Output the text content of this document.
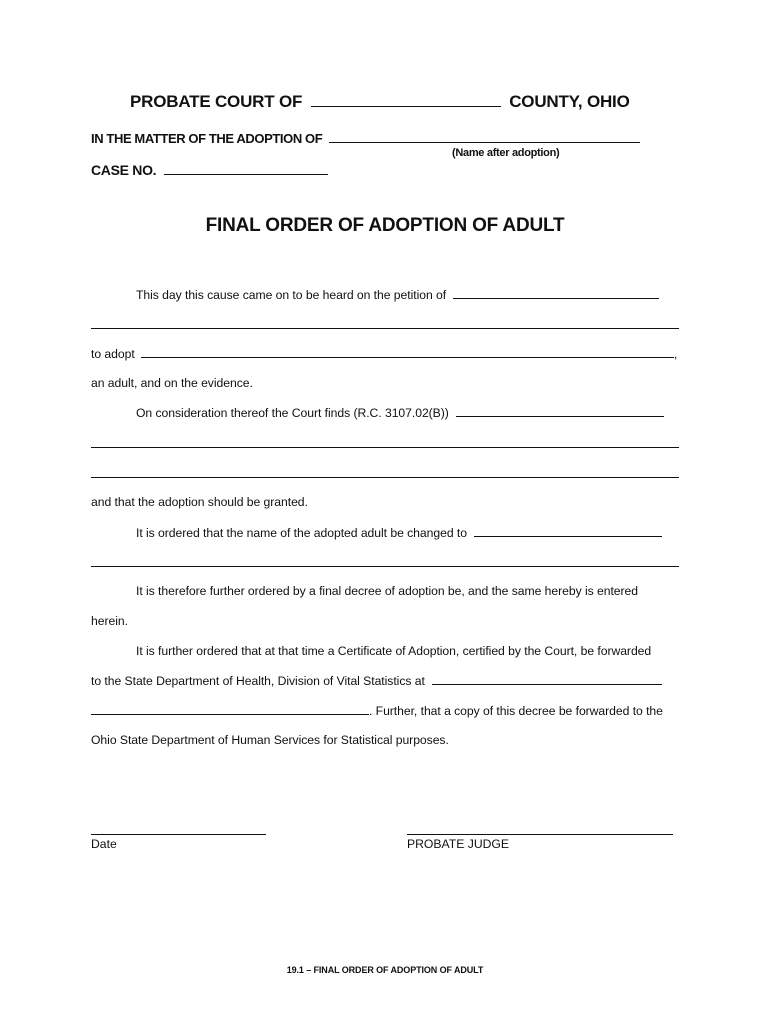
PROBATE COURT OF	COUNTY, OHIO
IN THE MATTER OF THE ADOPTION OF
(Name after adoption)
CASE NO.
FINAL ORDER OF ADOPTION OF ADULT
This day this cause came on to be heard on the petition of
to adopt	,
an adult, and on the evidence.
On consideration thereof the Court finds (R.C. 3107.02(B))
and that the adoption should be granted.
It is ordered that the name of the adopted adult be changed to
It is therefore further ordered by a final decree of adoption be, and the same hereby is entered
herein.
It is further ordered that at that time a Certificate of Adoption, certified by the Court, be forwarded
to the State Department of Health, Division of Vital Statistics at
. Further, that a copy of this decree be forwarded to the
Ohio State Department of Human Services for Statistical purposes.
Date	PROBATE JUDGE
19.1 – FINAL ORDER OF ADOPTION OF ADULT
